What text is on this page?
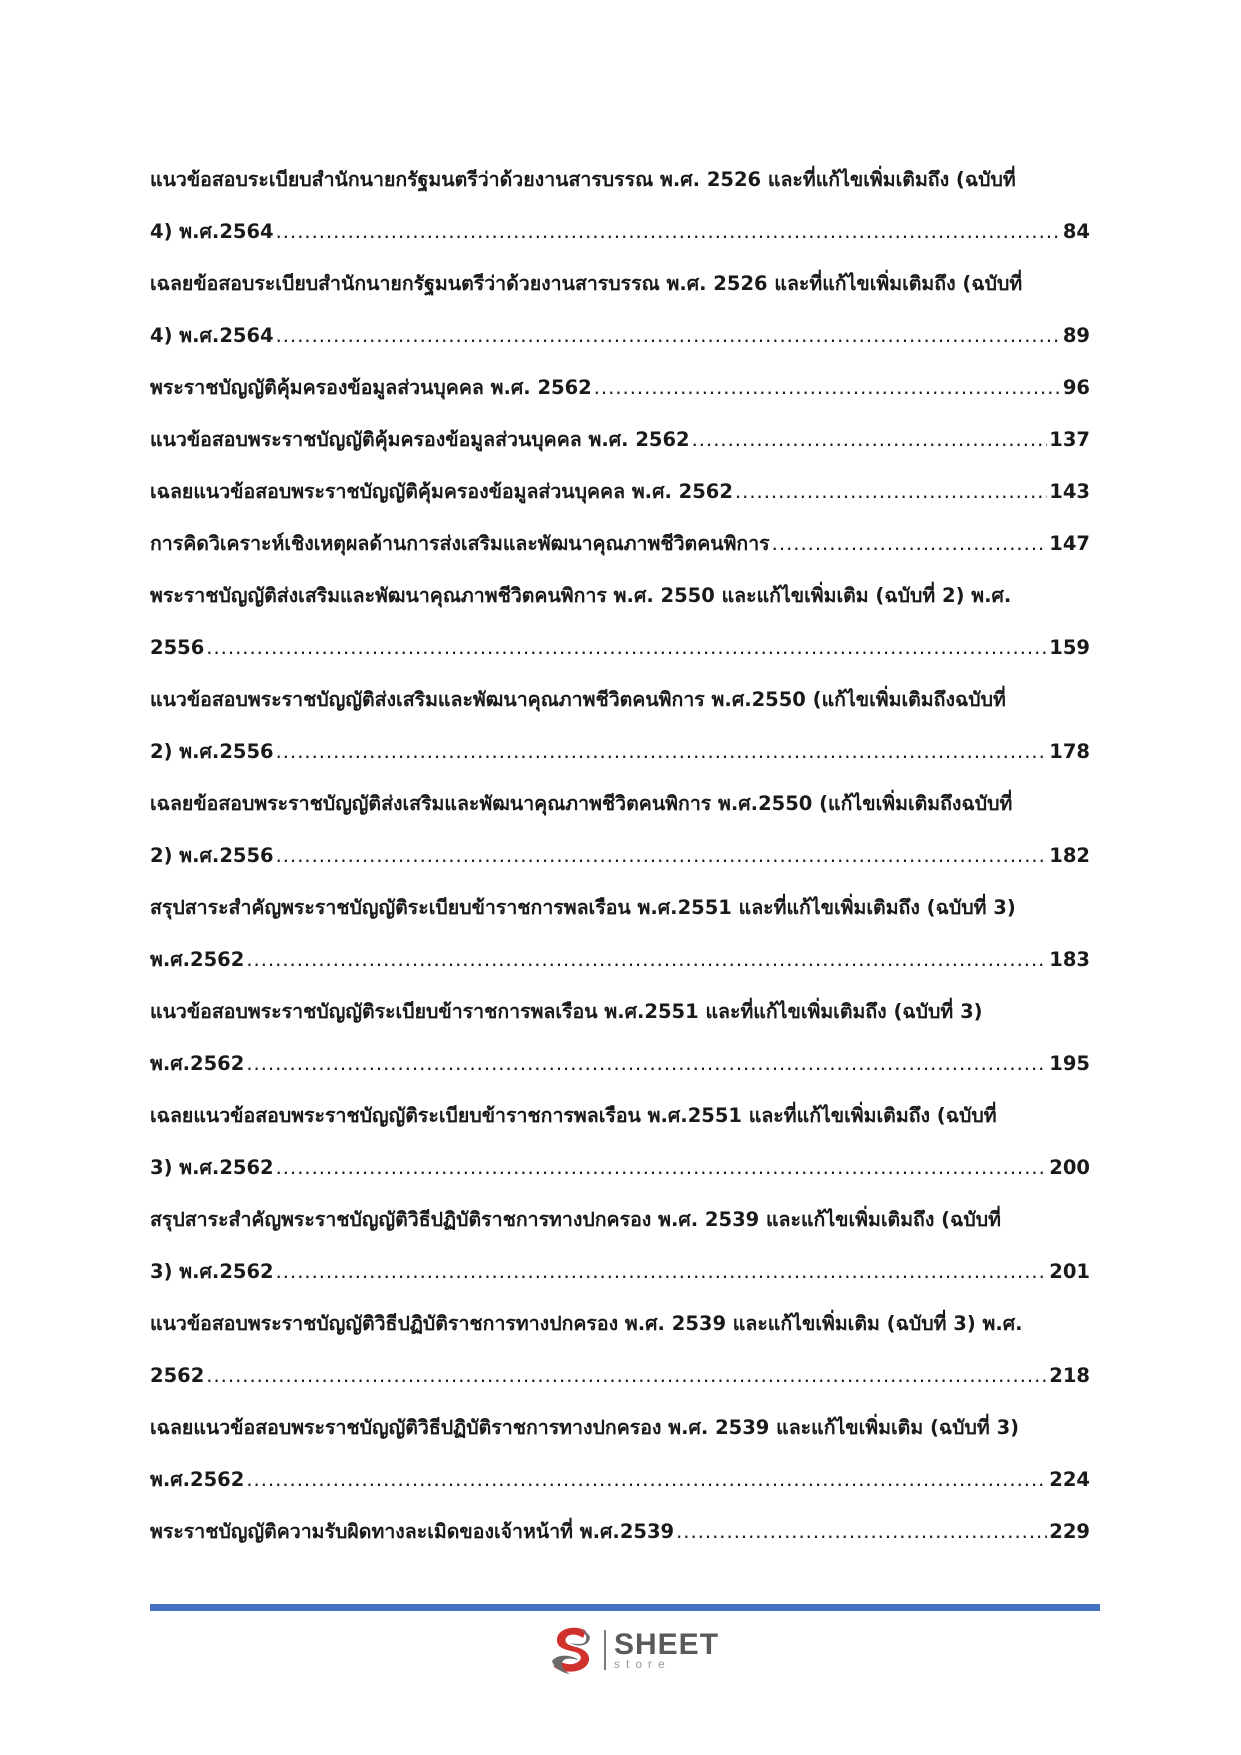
แนวข้อสอบระเบียบสำนักนายกรัฐมนตรีว่าด้วยงานสารบรรณ พ.ศ. 2526 และที่แก้ไขเพิ่มเติมถึง (ฉบับที่
4) พ.ศ.2564 .....	84
เฉลยข้อสอบระเบียบสำนักนายกรัฐมนตรีว่าด้วยงานสารบรรณ พ.ศ. 2526 และที่แก้ไขเพิ่มเติมถึง (ฉบับที่
4) พ.ศ.2564 .....	89
พระราชบัญญัติคุ้มครองข้อมูลส่วนบุคคล พ.ศ. 2562 .....	96
แนวข้อสอบพระราชบัญญัติคุ้มครองข้อมูลส่วนบุคคล พ.ศ. 2562 .....	137
เฉลยแนวข้อสอบพระราชบัญญัติคุ้มครองข้อมูลส่วนบุคคล พ.ศ. 2562 .....	143
การคิดวิเคราะห์เชิงเหตุผลด้านการส่งเสริมและพัฒนาคุณภาพชีวิตคนพิการ .....	147
พระราชบัญญัติส่งเสริมและพัฒนาคุณภาพชีวิตคนพิการ พ.ศ. 2550 และแก้ไขเพิ่มเติม (ฉบับที่ 2) พ.ศ.
2556 .....	159
แนวข้อสอบพระราชบัญญัติส่งเสริมและพัฒนาคุณภาพชีวิตคนพิการ พ.ศ.2550 (แก้ไขเพิ่มเติมถึงฉบับที่
2) พ.ศ.2556 .....	178
เฉลยข้อสอบพระราชบัญญัติส่งเสริมและพัฒนาคุณภาพชีวิตคนพิการ พ.ศ.2550 (แก้ไขเพิ่มเติมถึงฉบับที่
2) พ.ศ.2556 .....	182
สรุปสาระสำคัญพระราชบัญญัติระเบียบข้าราชการพลเรือน พ.ศ.2551 และที่แก้ไขเพิ่มเติมถึง (ฉบับที่ 3)
พ.ศ.2562 .....	183
แนวข้อสอบพระราชบัญญัติระเบียบข้าราชการพลเรือน พ.ศ.2551 และที่แก้ไขเพิ่มเติมถึง (ฉบับที่ 3)
พ.ศ.2562 .....	195
เฉลยแนวข้อสอบพระราชบัญญัติระเบียบข้าราชการพลเรือน พ.ศ.2551 และที่แก้ไขเพิ่มเติมถึง (ฉบับที่
3) พ.ศ.2562 .....	200
สรุปสาระสำคัญพระราชบัญญัติวิธีปฏิบัติราชการทางปกครอง พ.ศ. 2539 และแก้ไขเพิ่มเติมถึง (ฉบับที่
3) พ.ศ.2562 .....	201
แนวข้อสอบพระราชบัญญัติวิธีปฏิบัติราชการทางปกครอง พ.ศ. 2539 และแก้ไขเพิ่มเติม (ฉบับที่ 3) พ.ศ.
2562 .....	218
เฉลยแนวข้อสอบพระราชบัญญัติวิธีปฏิบัติราชการทางปกครอง พ.ศ. 2539 และแก้ไขเพิ่มเติม (ฉบับที่ 3)
พ.ศ.2562 .....	224
พระราชบัญญัติความรับผิดทางละเมิดของเจ้าหน้าที่ พ.ศ.2539 .....	229
SHEET
store
